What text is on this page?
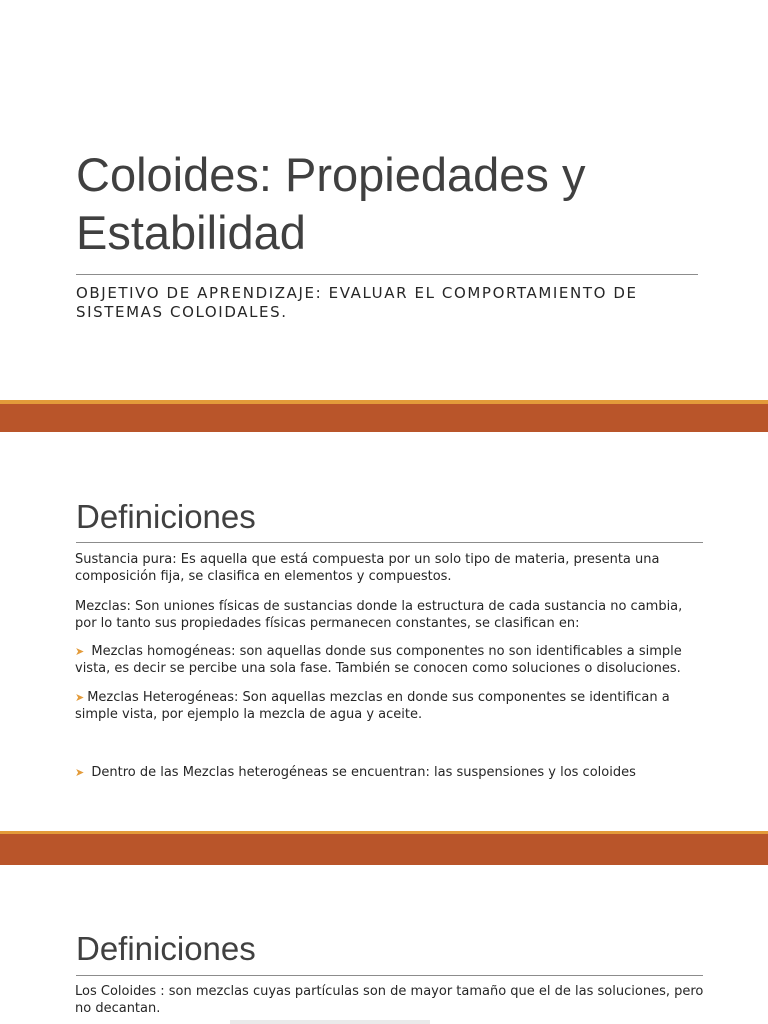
Coloides: Propiedades y Estabilidad

OBJETIVO DE APRENDIZAJE: EVALUAR EL COMPORTAMIENTO DE SISTEMAS COLOIDALES.

Definiciones

Sustancia pura: Es aquella que está compuesta por un solo tipo de materia, presenta una composición fija, se clasifica en elementos y compuestos.

Mezclas: Son uniones físicas de sustancias donde la estructura de cada sustancia no cambia, por lo tanto sus propiedades físicas permanecen constantes, se clasifican en:

➤ Mezclas homogéneas: son aquellas donde sus componentes no son identificables a simple vista, es decir se percibe una sola fase. También se conocen como soluciones o disoluciones.

➤ Mezclas Heterogéneas: Son aquellas mezclas en donde sus componentes se identifican a simple vista, por ejemplo la mezcla de agua y aceite.

➤ Dentro de las Mezclas heterogéneas se encuentran: las suspensiones y los coloides

Definiciones

Los Coloides : son mezclas cuyas partículas son de mayor tamaño que el de las soluciones, pero no decantan.
